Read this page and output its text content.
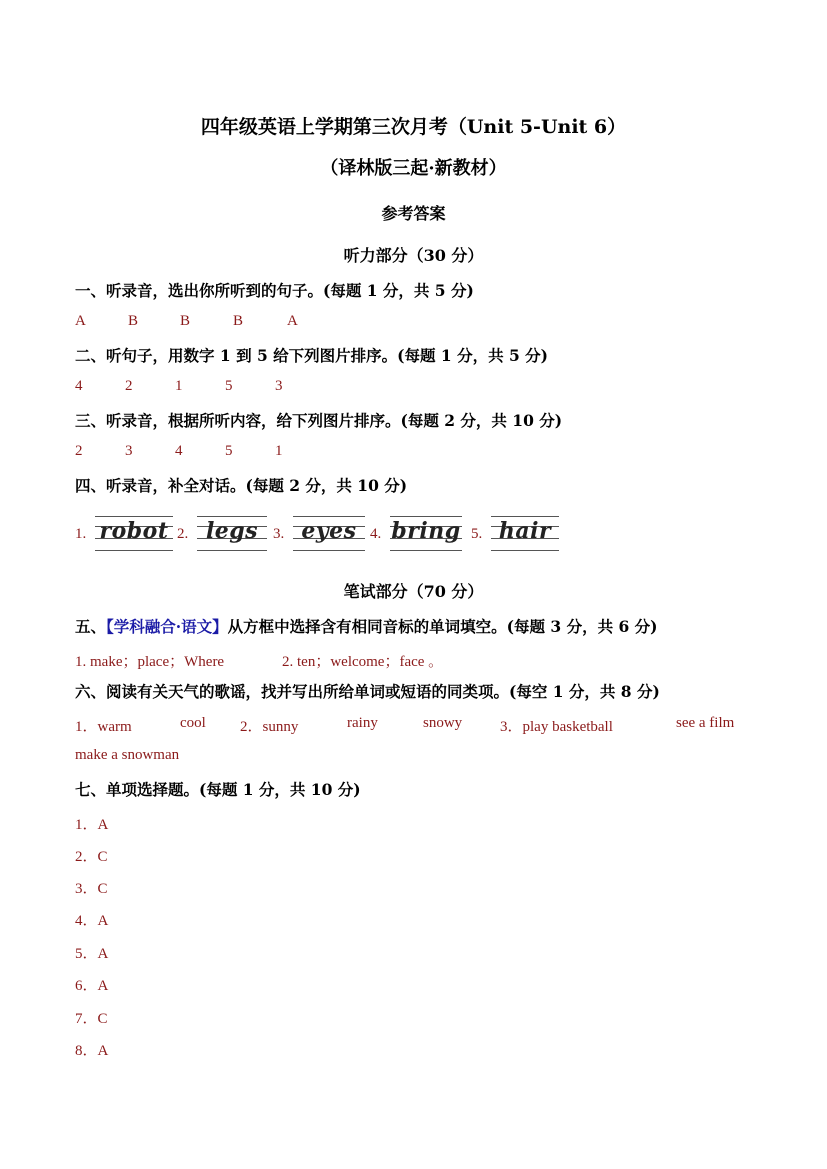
四年级英语上学期第三次月考（Unit 5-Unit 6）
（译林版三起·新教材）
参考答案
听力部分（30 分）
一、听录音，选出你所听到的句子。(每题 1 分，共 5 分)
A	B	B	B	A
二、听句子，用数字 1 到 5 给下列图片排序。(每题 1 分，共 5 分)
4	2	1	5	3
三、听录音，根据所听内容，给下列图片排序。(每题 2 分，共 10 分)
2	3	4	5	1
四、听录音，补全对话。(每题 2 分，共 10 分)
1. robot 2. legs 3. eyes 4. bring 5. hair
笔试部分（70 分）
五、【学科融合·语文】从方框中选择含有相同音标的单词填空。(每题 3 分，共 6 分)
1. make；place；Where	2. ten；welcome；face 。
六、阅读有关天气的歌谣，找并写出所给单词或短语的同类项。(每空 1 分，共 8 分)
1．warm	cool 2．sunny	rainy	snowy	3．play basketball	see a film
make a snowman
七、单项选择题。(每题 1 分，共 10 分)
1．A
2．C
3．C
4．A
5．A
6．A
7．C
8．A
